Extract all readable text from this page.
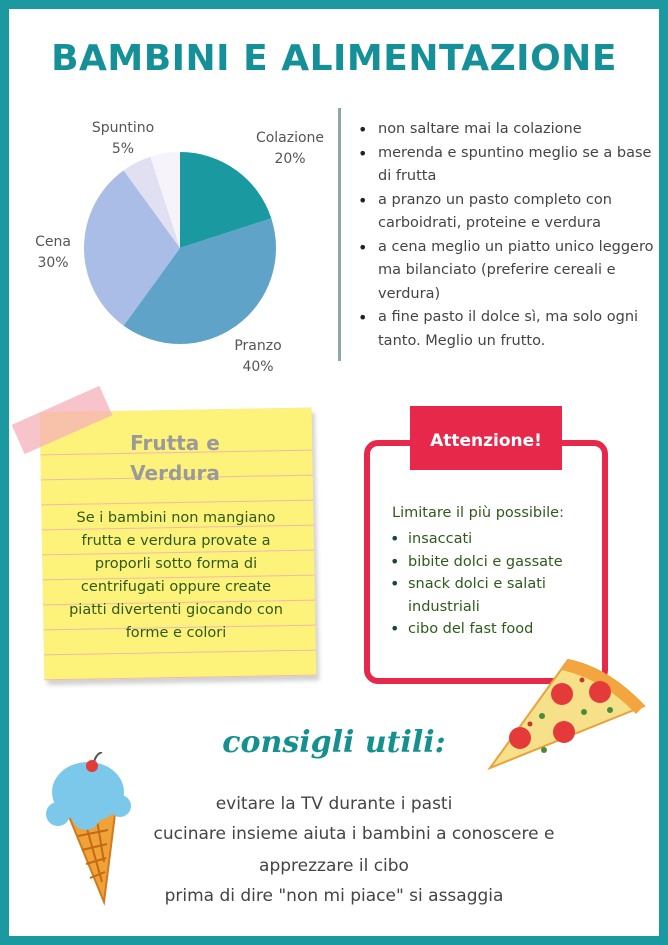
BAMBINI E ALIMENTAZIONE
Spuntino
5%
Colazione
20%
Cena
30%
Pranzo
40%
• non saltare mai la colazione
• merenda e spuntino meglio se a base di frutta
• a pranzo un pasto completo con carboidrati, proteine e verdura
• a cena meglio un piatto unico leggero ma bilanciato (preferire cereali e verdura)
• a fine pasto il dolce sì, ma solo ogni tanto. Meglio un frutto.
Frutta e Verdura
Se i bambini non mangiano frutta e verdura provate a proporli sotto forma di centrifugati oppure create piatti divertenti giocando con forme e colori
Attenzione!
Limitare il più possibile:
• insaccati
• bibite dolci e gassate
• snack dolci e salati industriali
• cibo del fast food
consigli utili:
evitare la TV durante i pasti
cucinare insieme aiuta i bambini a conoscere e
apprezzare il cibo
prima di dire "non mi piace" si assaggia
